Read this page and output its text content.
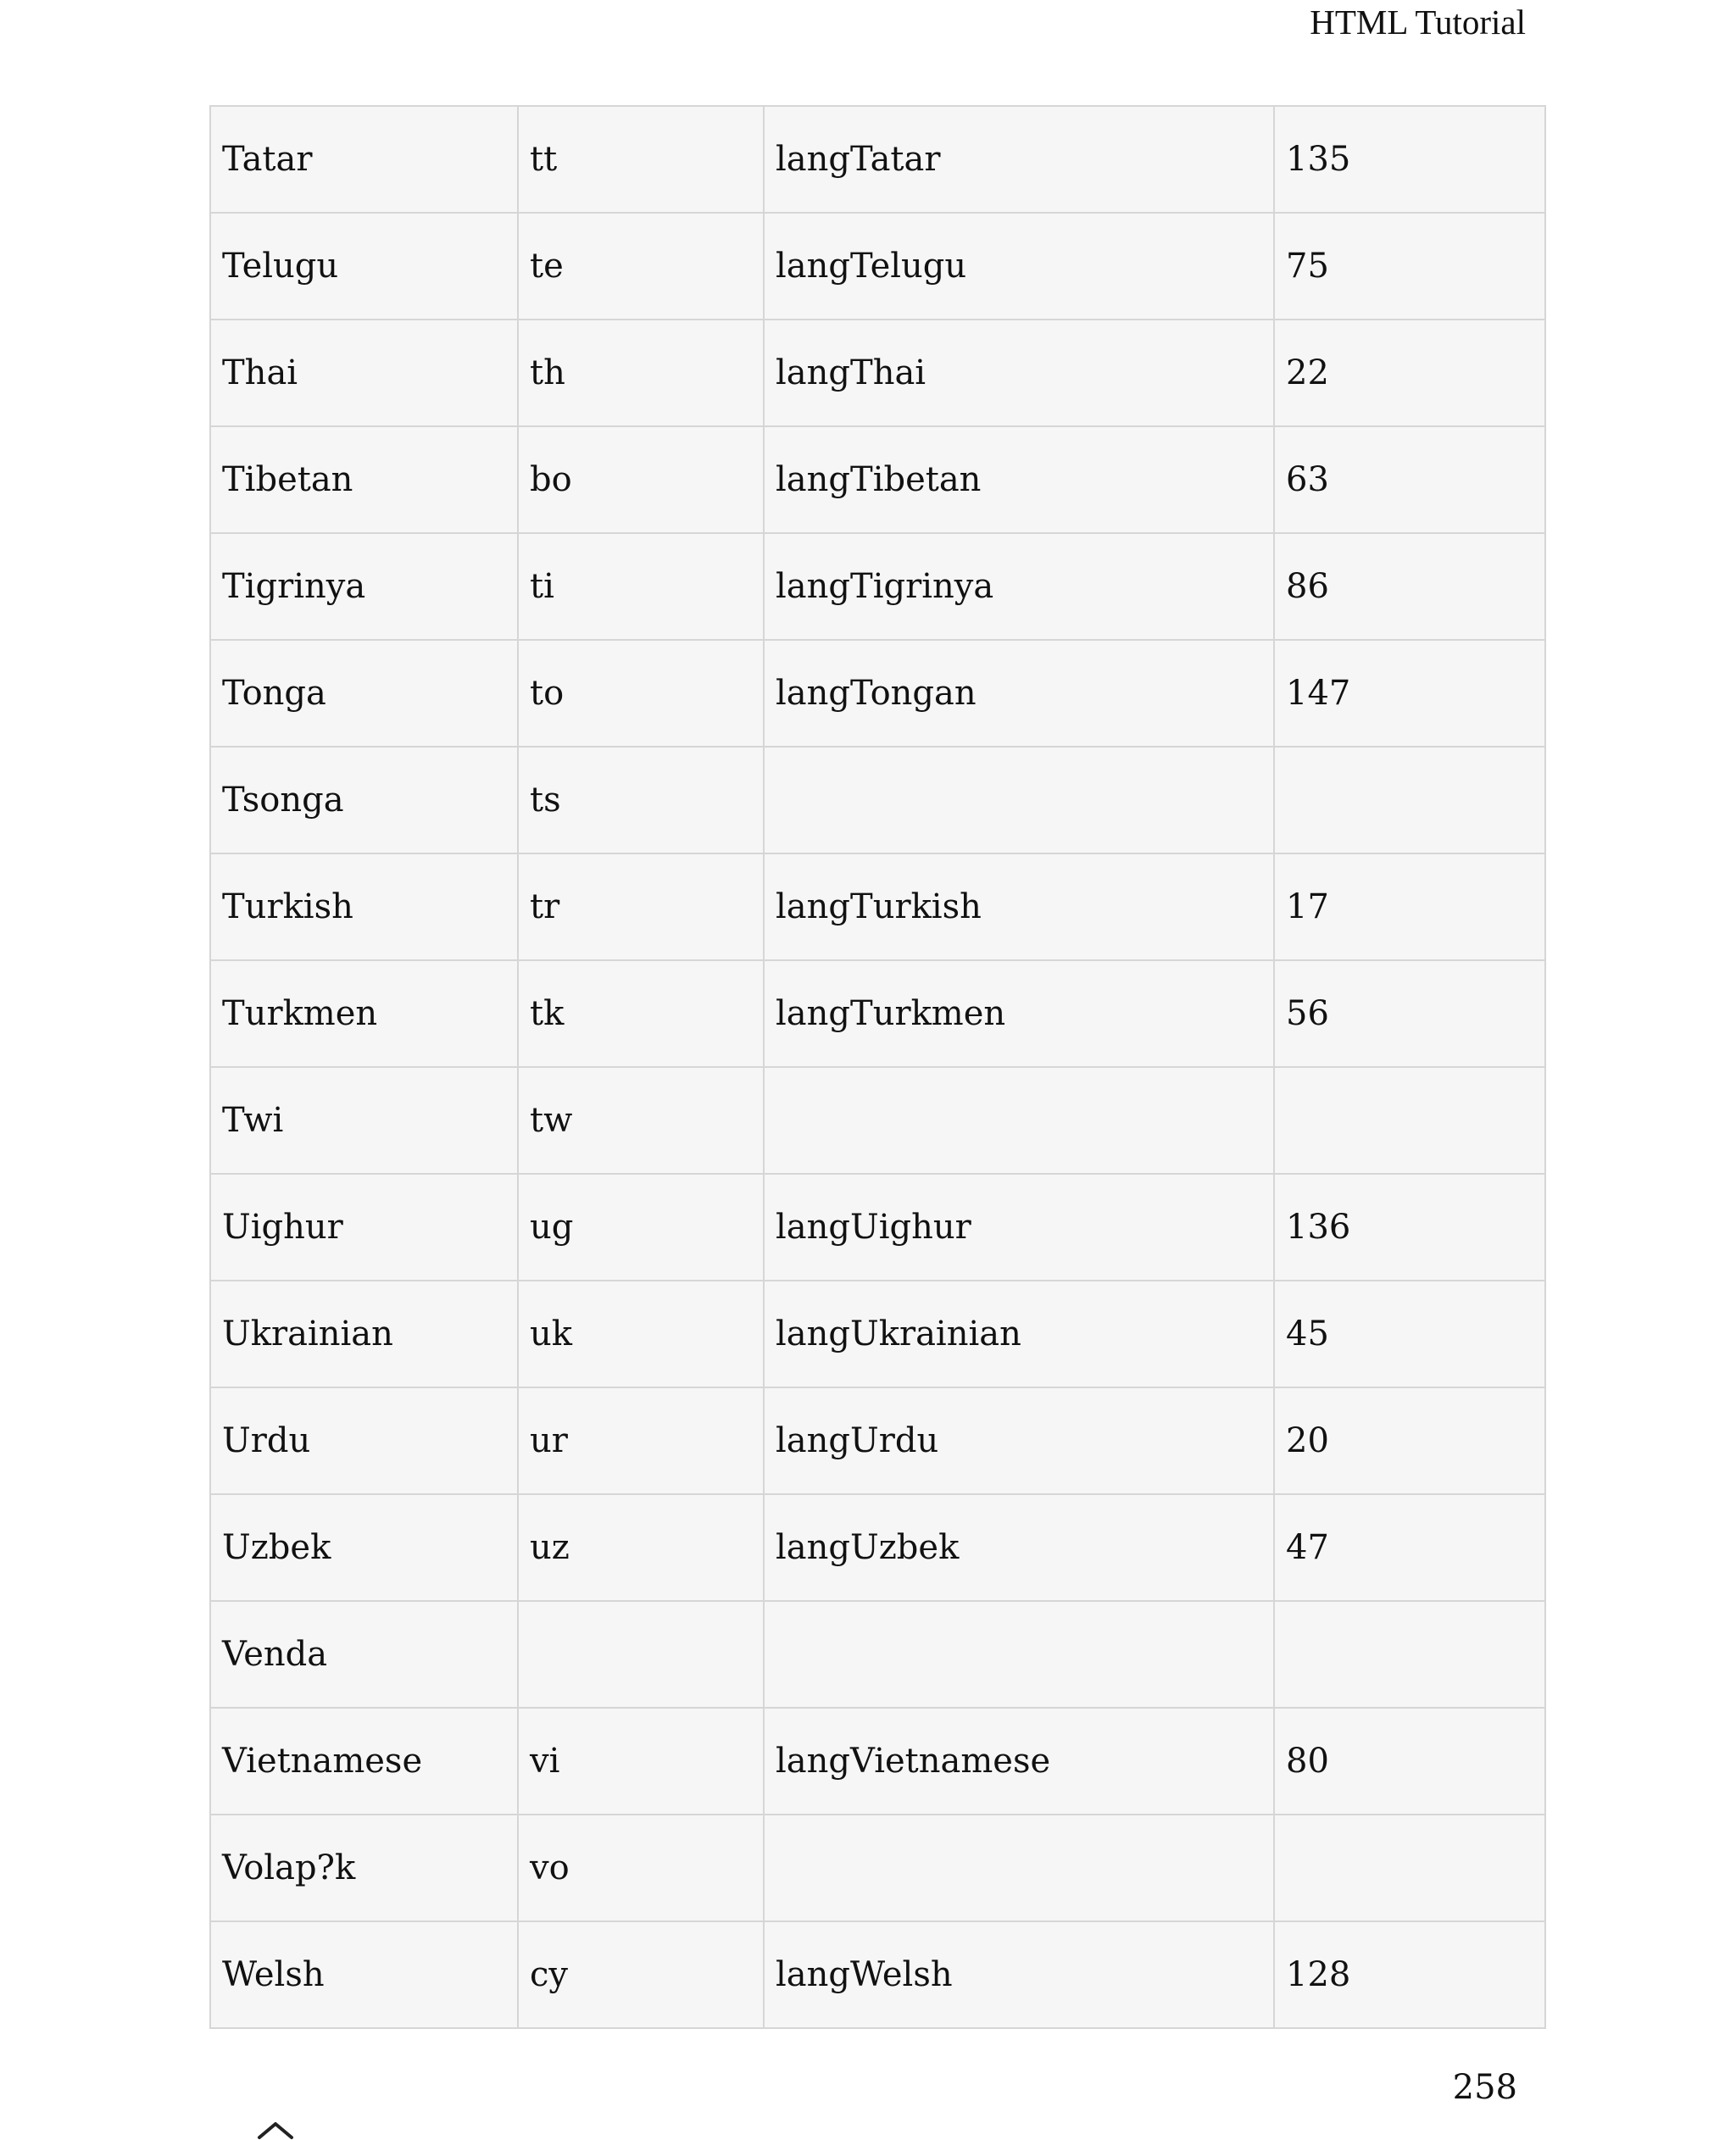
HTML Tutorial
Tatar	tt	langTatar	135
Telugu	te	langTelugu	75
Thai	th	langThai	22
Tibetan	bo	langTibetan	63
Tigrinya	ti	langTigrinya	86
Tonga	to	langTongan	147
Tsonga	ts		
Turkish	tr	langTurkish	17
Turkmen	tk	langTurkmen	56
Twi	tw		
Uighur	ug	langUighur	136
Ukrainian	uk	langUkrainian	45
Urdu	ur	langUrdu	20
Uzbek	uz	langUzbek	47
Venda			
Vietnamese	vi	langVietnamese	80
Volap?k	vo		
Welsh	cy	langWelsh	128
258
